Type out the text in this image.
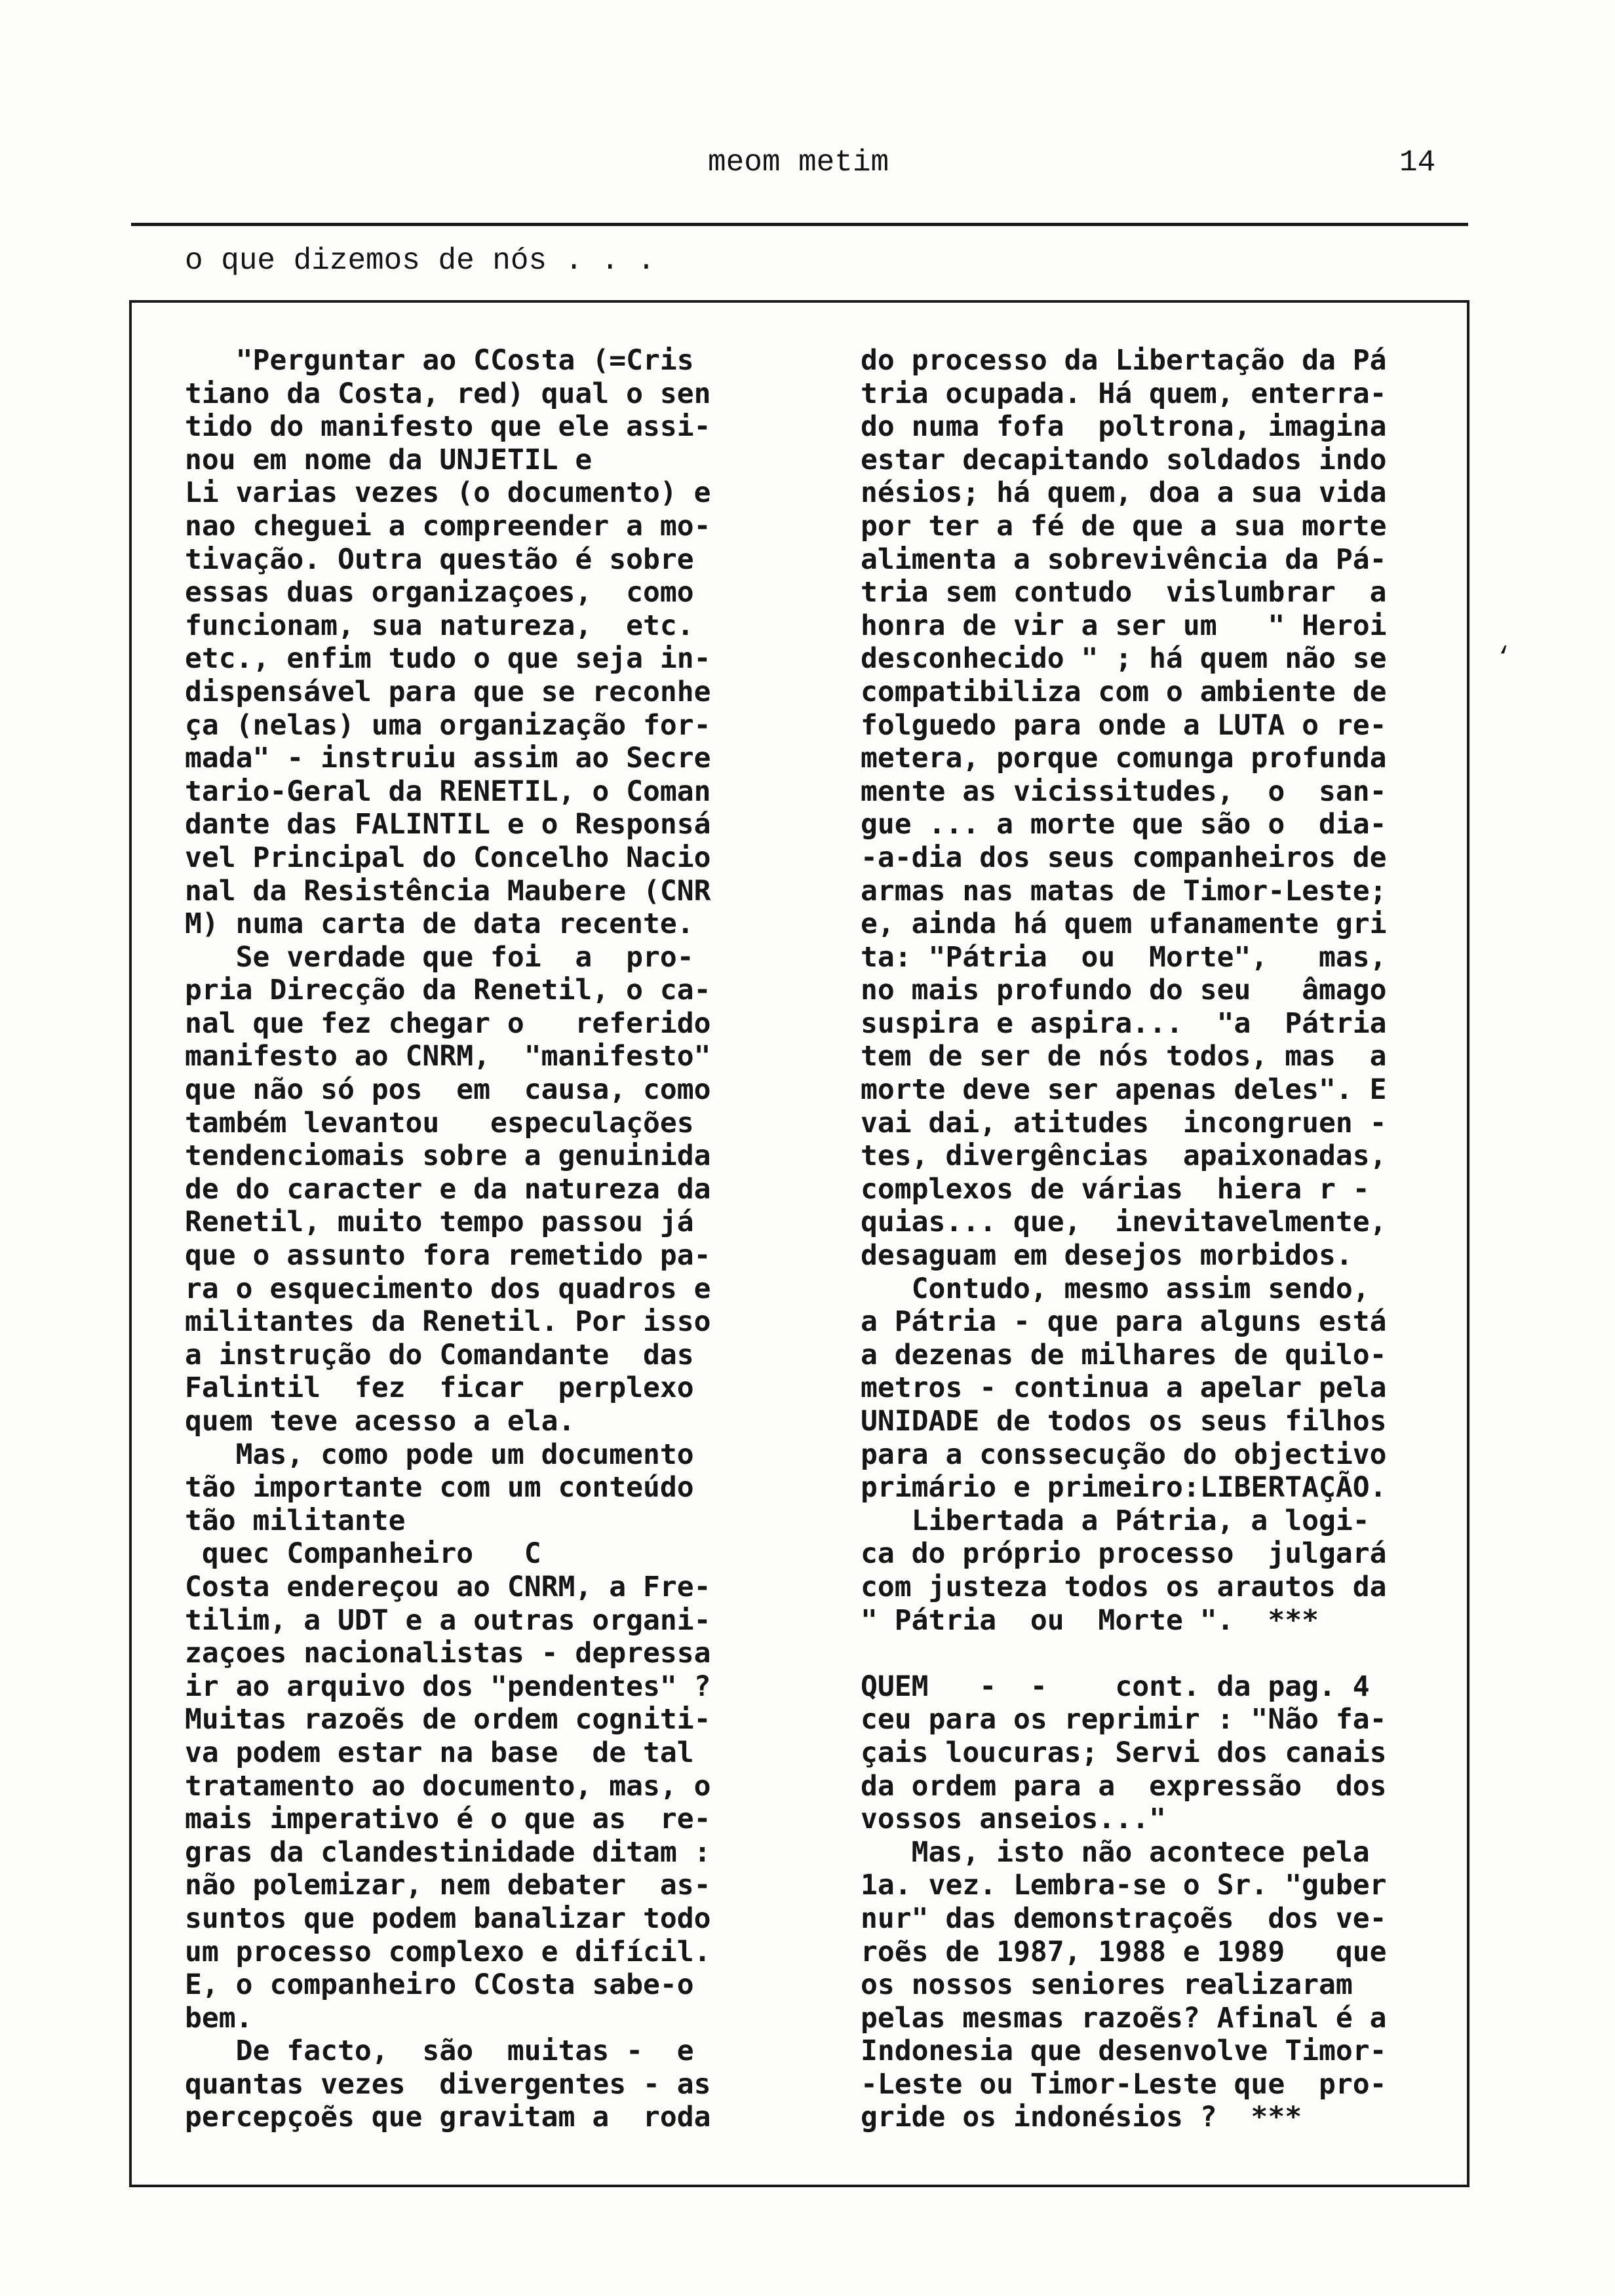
meom metim	14
o que dizemos de nós . . .
"Perguntar ao CCosta (=Cris
tiano da Costa, red) qual o sen
tido do manifesto que ele assi-
nou em nome da UNJETIL e
Li varias vezes (o documento) e
nao cheguei a compreender a mo-
tivação. Outra questão é sobre
essas duas organizaçoes,  como
funcionam, sua natureza,  etc.
etc., enfim tudo o que seja in-
dispensável para que se reconhe
ça (nelas) uma organização for-
mada" - instruiu assim ao Secre
tario-Geral da RENETIL, o Coman
dante das FALINTIL e o Responsá
vel Principal do Concelho Nacio
nal da Resistência Maubere (CNR
M) numa carta de data recente.
Se verdade que foi  a  pro-
pria Direcção da Renetil, o ca-
nal que fez chegar o   referido
manifesto ao CNRM,  "manifesto"
que não só pos  em  causa, como
também levantou   especulações
tendenciomais sobre a genuinida
de do caracter e da natureza da
Renetil, muito tempo passou já
que o assunto fora remetido pa-
ra o esquecimento dos quadros e
militantes da Renetil. Por isso
a instrução do Comandante  das
Falintil  fez  ficar  perplexo
quem teve acesso a ela.
Mas, como pode um documento
tão importante com um conteúdo
tão militante
quec Companheiro   C
Costa endereçou ao CNRM, a Fre-
tilim, a UDT e a outras organi-
zaçoes nacionalistas - depressa
ir ao arquivo dos "pendentes" ?
Muitas razoẽs de ordem cogniti-
va podem estar na base  de tal
tratamento ao documento, mas, o
mais imperativo é o que as  re-
gras da clandestinidade ditam :
não polemizar, nem debater  as-
suntos que podem banalizar todo
um processo complexo e difícil.
E, o companheiro CCosta sabe-o
bem.
De facto,  são  muitas -  e
quantas vezes  divergentes - as
percepçoẽs que gravitam a  roda
do processo da Libertação da Pá
tria ocupada. Há quem, enterra-
do numa fofa  poltrona, imagina
estar decapitando soldados indo
nésios; há quem, doa a sua vida
por ter a fé de que a sua morte
alimenta a sobrevivência da Pá-
tria sem contudo  vislumbrar  a
honra de vir a ser um   " Heroi
desconhecido " ; há quem não se
compatibiliza com o ambiente de
folguedo para onde a LUTA o re-
metera, porque comunga profunda
mente as vicissitudes,  o  san-
gue ... a morte que são o  dia-
-a-dia dos seus companheiros de
armas nas matas de Timor-Leste;
e, ainda há quem ufanamente gri
ta: "Pátria  ou  Morte",   mas,
no mais profundo do seu   âmago
suspira e aspira...  "a  Pátria
tem de ser de nós todos, mas  a
morte deve ser apenas deles". E
vai dai, atitudes  incongruen -
tes, divergências  apaixonadas,
complexos de várias  hiera r -
quias... que,  inevitavelmente,
desaguam em desejos morbidos.
Contudo, mesmo assim sendo,
a Pátria - que para alguns está
a dezenas de milhares de quilo-
metros - continua a apelar pela
UNIDADE de todos os seus filhos
para a conssecução do objectivo
primário e primeiro:LIBERTAÇÃO.
Libertada a Pátria, a logi-
ca do próprio processo  julgará
com justeza todos os arautos da
" Pátria  ou  Morte ".  ***

QUEM   -  -    cont. da pag. 4
ceu para os reprimir : "Não fa-
çais loucuras; Servi dos canais
da ordem para a  expressão  dos
vossos anseios..."
Mas, isto não acontece pela
1a. vez. Lembra-se o Sr. "guber
nur" das demonstraçoẽs  dos ve-
roẽs de 1987, 1988 e 1989   que
os nossos seniores realizaram
pelas mesmas razoẽs? Afinal é a
Indonesia que desenvolve Timor-
-Leste ou Timor-Leste que  pro-
gride os indonésios ?  ***
‘
